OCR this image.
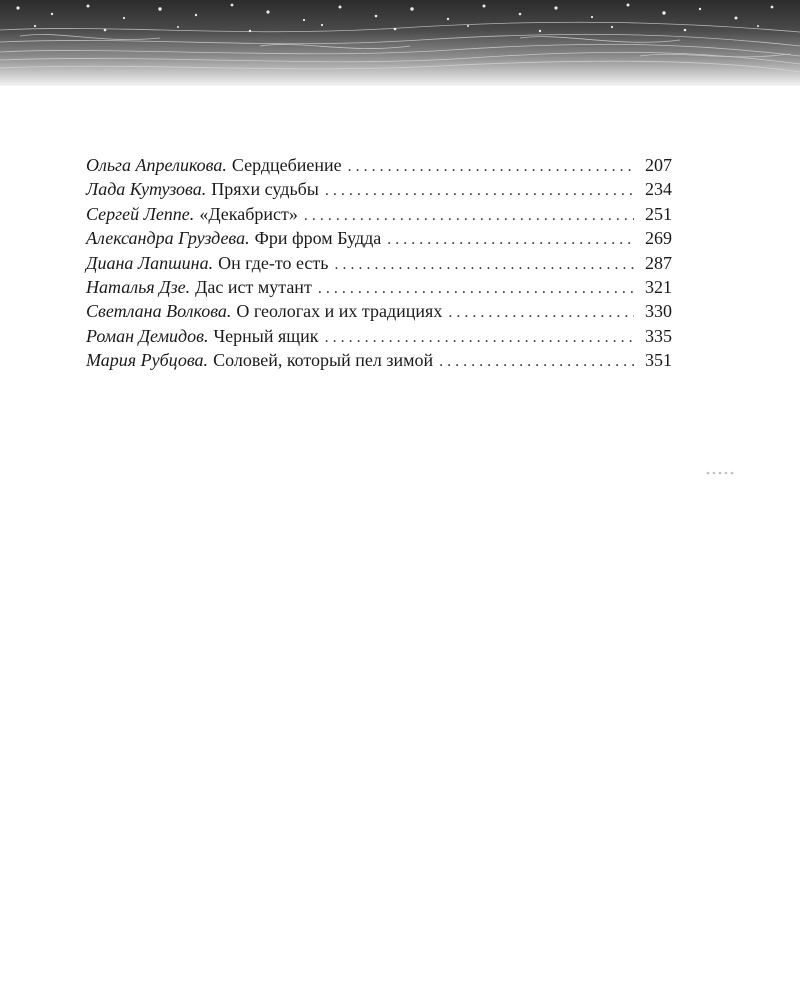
Ольга Апреликова. Сердцебиение . . .	207
Лада Кутузова. Пряхи судьбы . . .	234
Сергей Леппе. «Декабрист» . . .	251
Александра Груздева. Фри фром Будда . . .	269
Диана Лапшина. Он где-то есть . . .	287
Наталья Дзе. Дас ист мутант . . .	321
Светлана Волкова. О геологах и их традициях . . .	330
Роман Демидов. Черный ящик . . .	335
Мария Рубцова. Соловей, который пел зимой . . .	351
